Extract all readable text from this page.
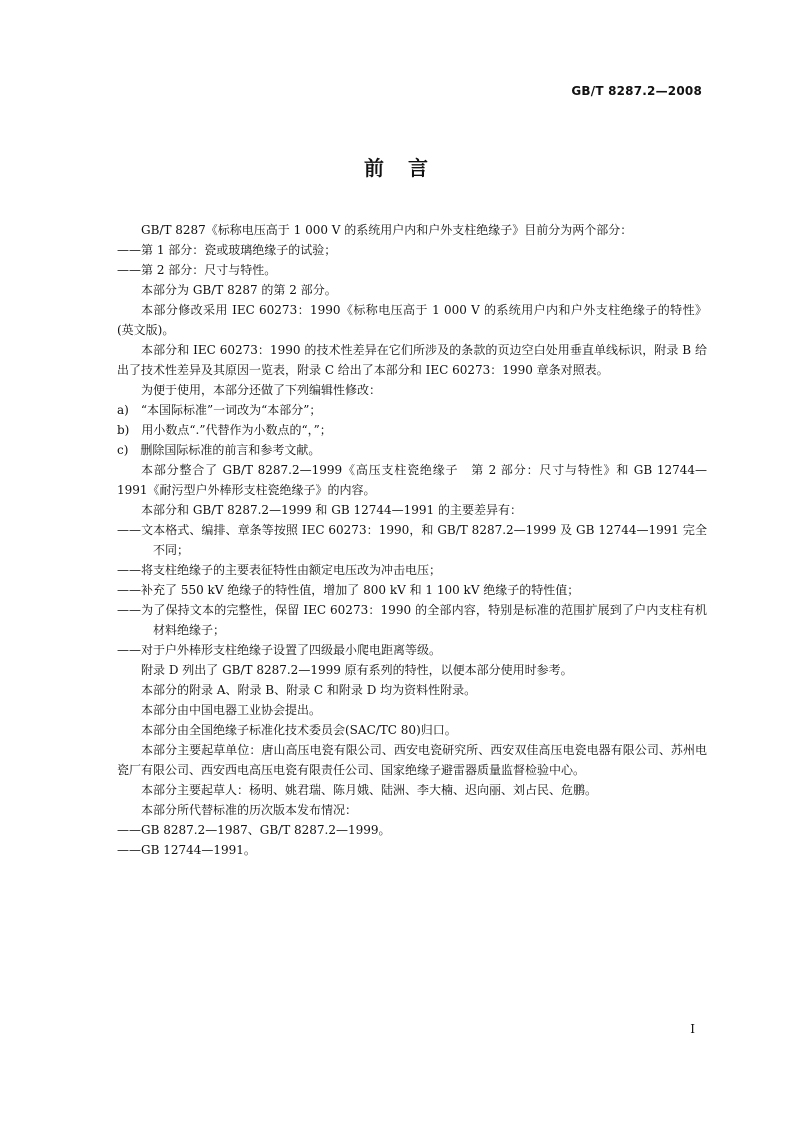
GB/T 8287.2—2008
前　言

GB/T 8287《标称电压高于 1 000 V 的系统用户内和户外支柱绝缘子》目前分为两个部分：

——第 1 部分：瓷或玻璃绝缘子的试验；

——第 2 部分：尺寸与特性。

本部分为 GB/T 8287 的第 2 部分。

本部分修改采用 IEC 60273：1990《标称电压高于 1 000 V 的系统用户内和户外支柱绝缘子的特性》(英文版)。

本部分和 IEC 60273：1990 的技术性差异在它们所涉及的条款的页边空白处用垂直单线标识，附录 B 给出了技术性差异及其原因一览表，附录 C 给出了本部分和 IEC 60273：1990 章条对照表。

为便于使用，本部分还做了下列编辑性修改：

a)　“本国际标准”一词改为“本部分”；

b)　用小数点“.”代替作为小数点的“，”；

c)　删除国际标准的前言和参考文献。

本部分整合了 GB/T 8287.2—1999《高压支柱瓷绝缘子　第 2 部分：尺寸与特性》和 GB 12744—1991《耐污型户外棒形支柱瓷绝缘子》的内容。

本部分和 GB/T 8287.2—1999 和 GB 12744—1991 的主要差异有：

——文本格式、编排、章条等按照 IEC 60273：1990，和 GB/T 8287.2—1999 及 GB 12744—1991 完全不同；

——将支柱绝缘子的主要表征特性由额定电压改为冲击电压；

——补充了 550 kV 绝缘子的特性值，增加了 800 kV 和 1 100 kV 绝缘子的特性值；

——为了保持文本的完整性，保留 IEC 60273：1990 的全部内容，特别是标准的范围扩展到了户内支柱有机材料绝缘子；

——对于户外棒形支柱绝缘子设置了四级最小爬电距离等级。

附录 D 列出了 GB/T 8287.2—1999 原有系列的特性，以便本部分使用时参考。

本部分的附录 A、附录 B、附录 C 和附录 D 均为资料性附录。

本部分由中国电器工业协会提出。

本部分由全国绝缘子标准化技术委员会(SAC/TC 80)归口。

本部分主要起草单位：唐山高压电瓷有限公司、西安电瓷研究所、西安双佳高压电瓷电器有限公司、苏州电瓷厂有限公司、西安西电高压电瓷有限责任公司、国家绝缘子避雷器质量监督检验中心。

本部分主要起草人：杨明、姚君瑞、陈月娥、陆洲、李大楠、迟向丽、刘占民、危鹏。

本部分所代替标准的历次版本发布情况：

——GB 8287.2—1987、GB/T 8287.2—1999。

——GB 12744—1991。

I
